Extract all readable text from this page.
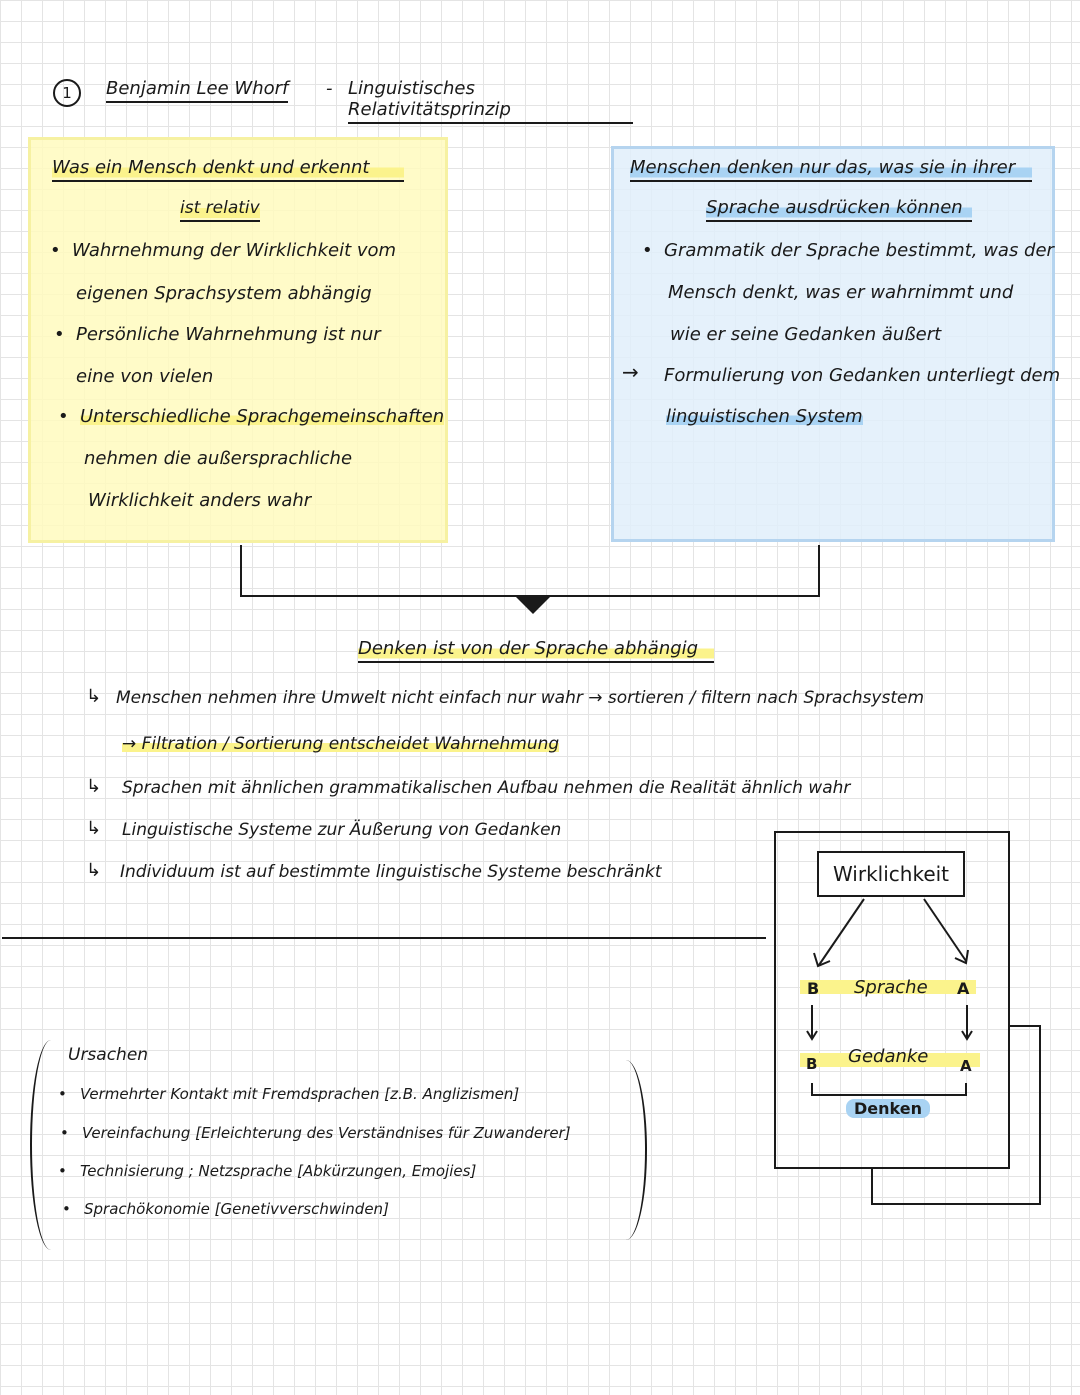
1	Benjamin Lee Whorf - Linguistisches Relativitätsprinzip
Was ein Mensch denkt und erkennt
ist relativ
• Wahrnehmung der Wirklichkeit vom
eigenen Sprachsystem abhängig
• Persönliche Wahrnehmung ist nur
eine von vielen
• Unterschiedliche Sprachgemeinschaften
nehmen die außersprachliche
Wirklichkeit anders wahr
Menschen denken nur das, was sie in ihrer
Sprache ausdrücken können
• Grammatik der Sprache bestimmt, was der
Mensch denkt, was er wahrnimmt und
wie er seine Gedanken äußert
→ Formulierung von Gedanken unterliegt dem
linguistischen System
Denken ist von der Sprache abhängig
↳ Menschen nehmen ihre Umwelt nicht einfach nur wahr → sortieren / filtern nach Sprachsystem
→ Filtration / Sortierung entscheidet Wahrnehmung
↳ Sprachen mit ähnlichen grammatikalischen Aufbau nehmen die Realität ähnlich wahr
↳ Linguistische Systeme zur Äußerung von Gedanken
↳ Individuum ist auf bestimmte linguistische Systeme beschränkt	Wirklichkeit
B Sprache A
B Gedanke A
Denken
Ursachen
• Vermehrter Kontakt mit Fremdsprachen [z.B. Anglizismen]
• Vereinfachung [Erleichterung des Verständnises für Zuwanderer]
• Technisierung ; Netzsprache [Abkürzungen, Emojies]
• Sprachökonomie [Genetivverschwinden]
